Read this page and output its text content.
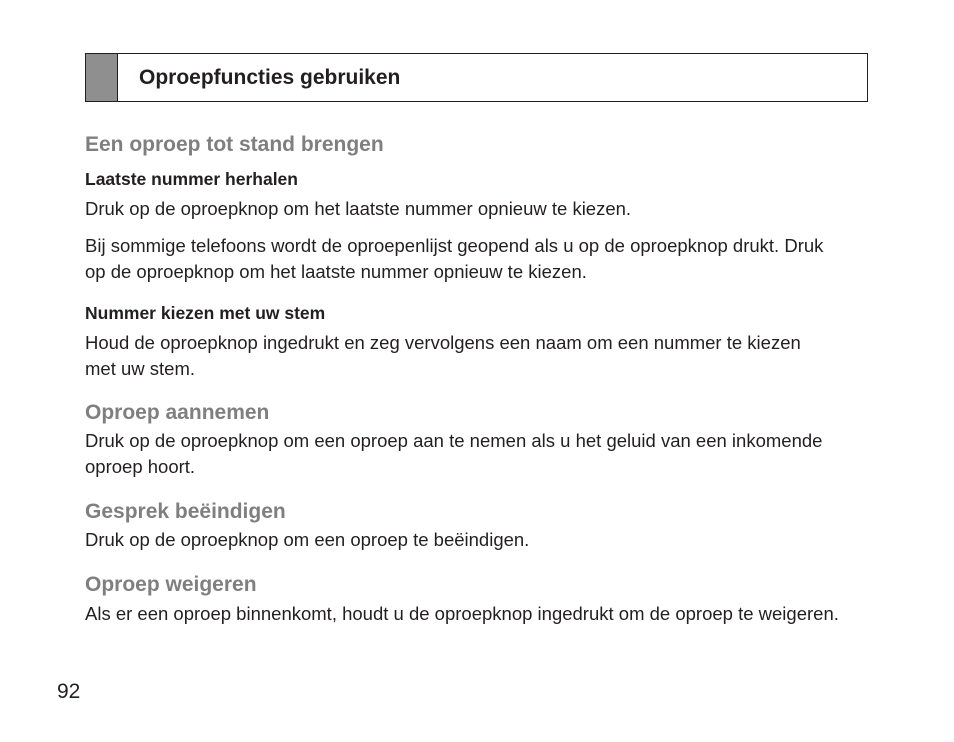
Oproepfuncties gebruiken
Een oproep tot stand brengen
Laatste nummer herhalen

Druk op de oproepknop om het laatste nummer opnieuw te kiezen.

Bij sommige telefoons wordt de oproepenlijst geopend als u op de oproepknop drukt. Druk op de oproepknop om het laatste nummer opnieuw te kiezen.

Nummer kiezen met uw stem

Houd de oproepknop ingedrukt en zeg vervolgens een naam om een nummer te kiezen met uw stem.

Oproep aannemen

Druk op de oproepknop om een oproep aan te nemen als u het geluid van een inkomende oproep hoort.

Gesprek beëindigen

Druk op de oproepknop om een oproep te beëindigen.

Oproep weigeren

Als er een oproep binnenkomt, houdt u de oproepknop ingedrukt om de oproep te weigeren.

92
